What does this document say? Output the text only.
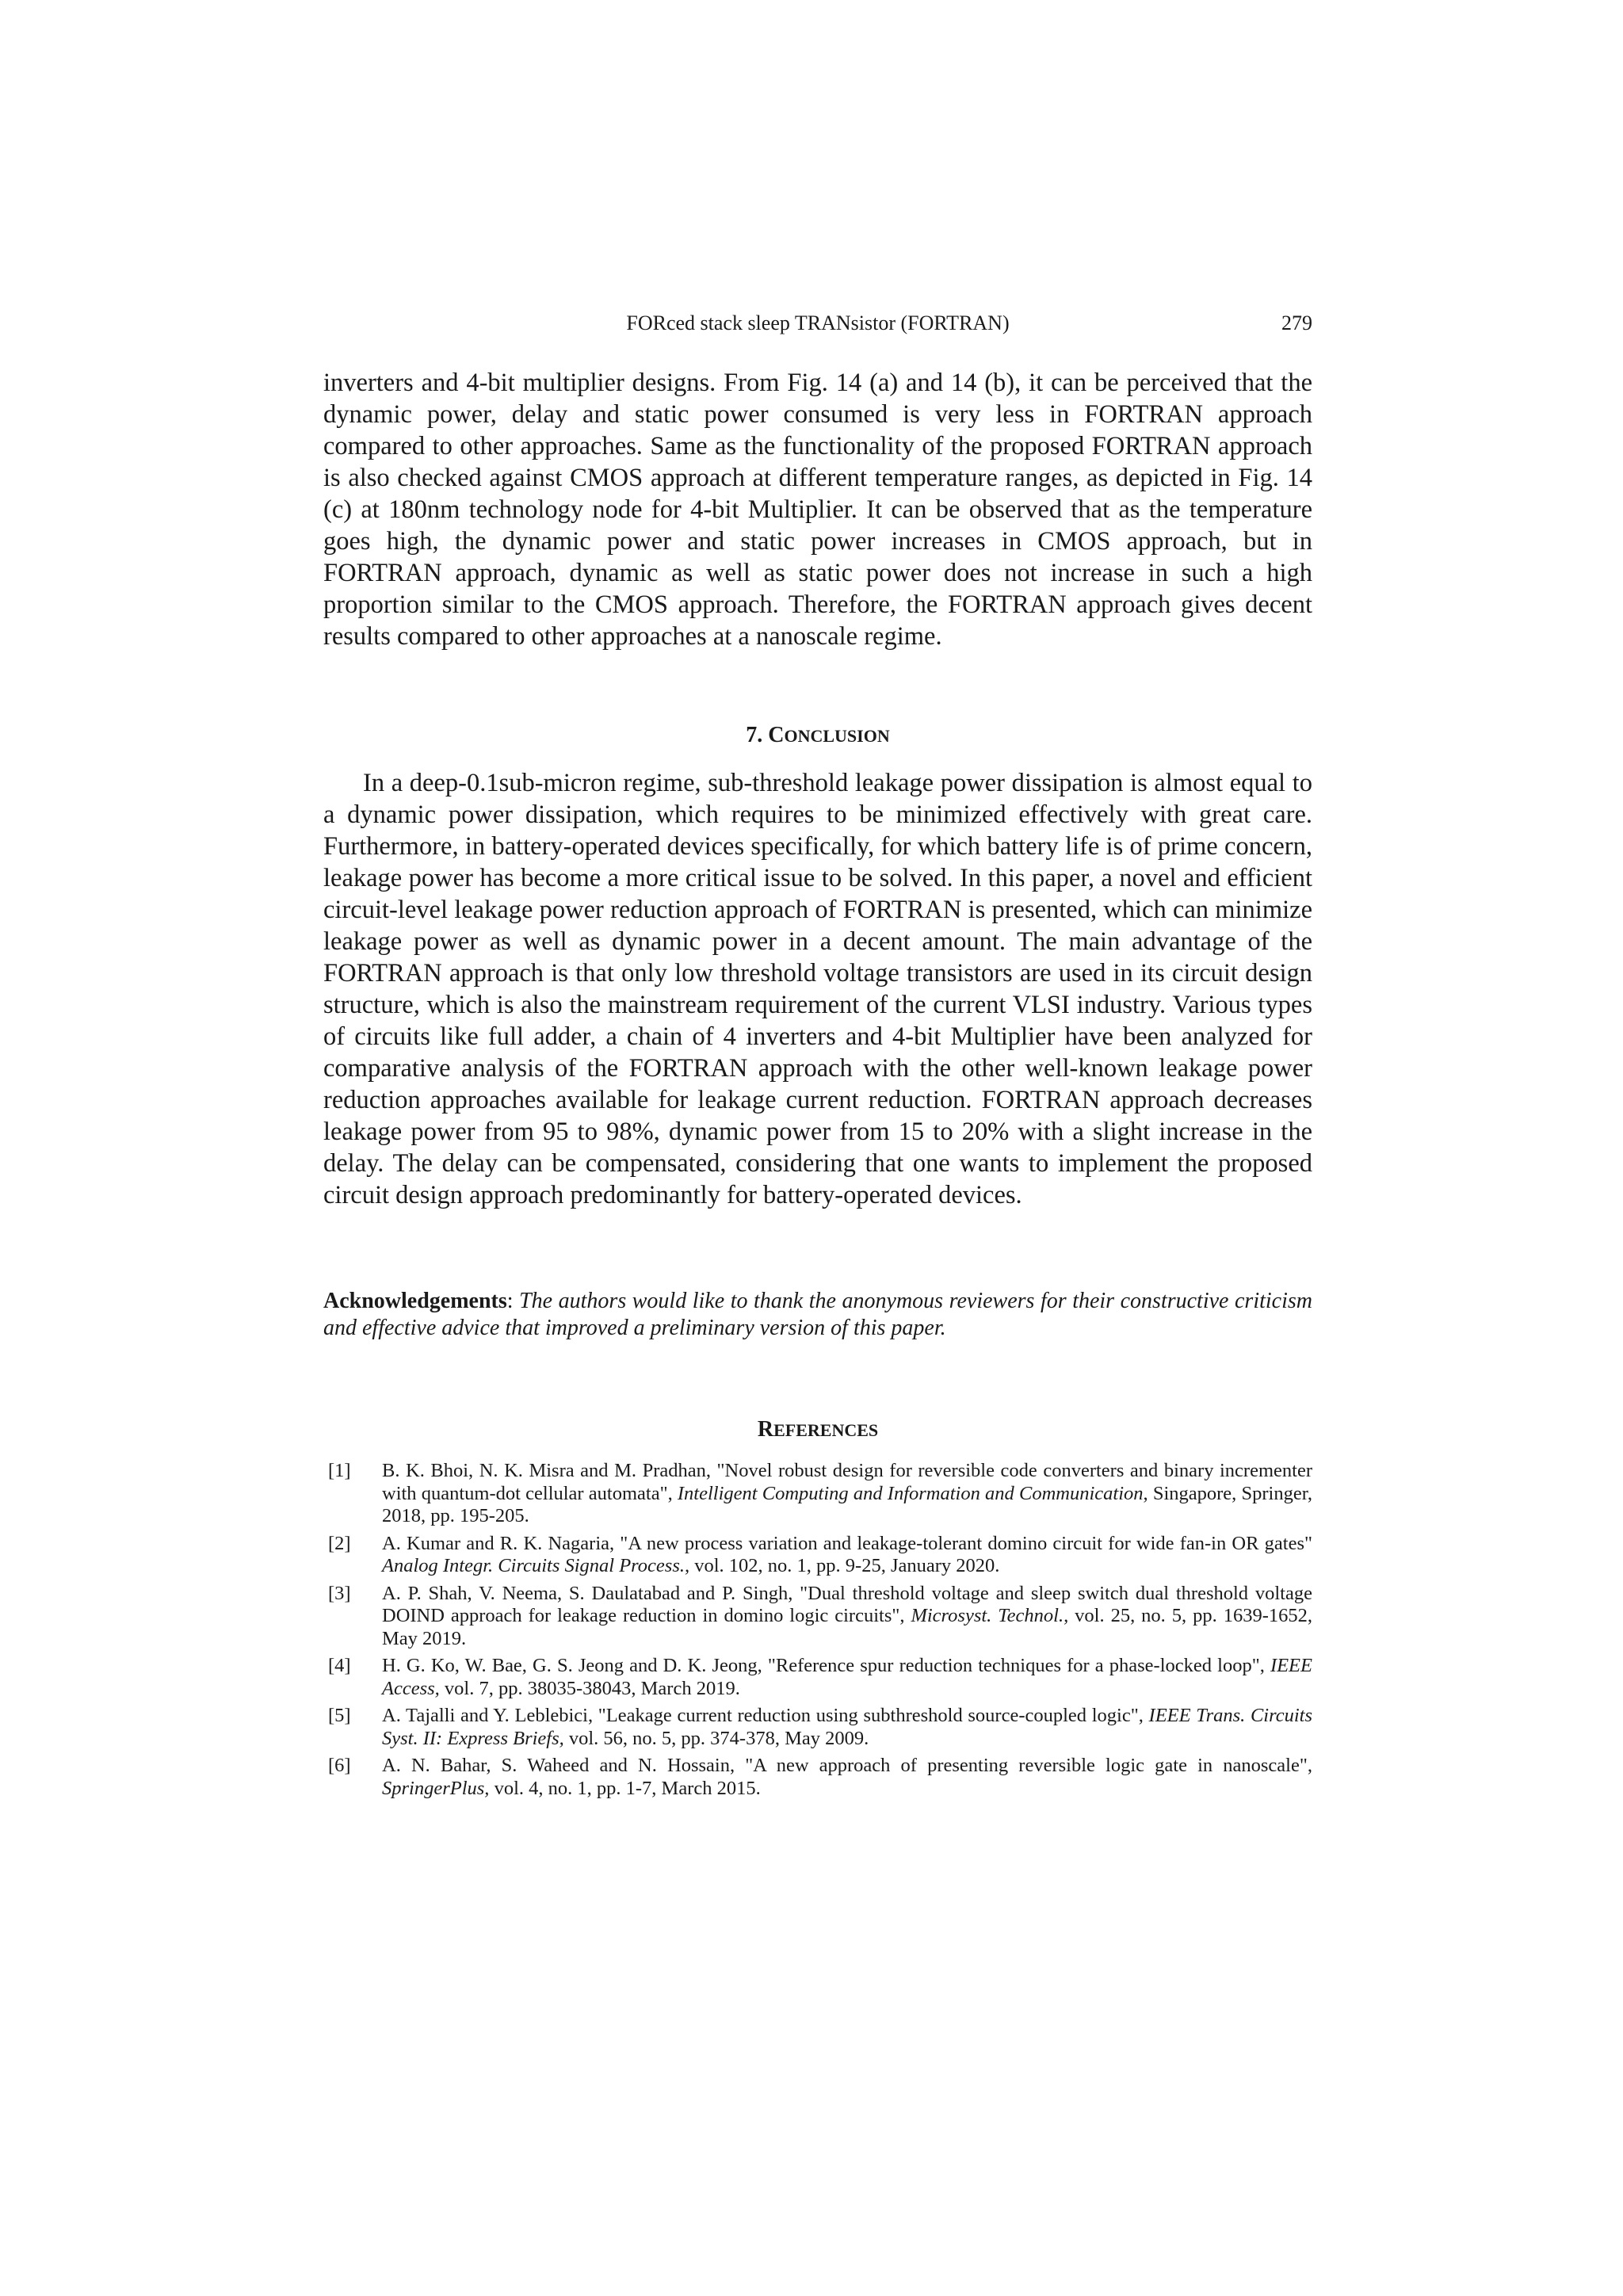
FORced stack sleep TRANsistor (FORTRAN)	279

inverters and 4-bit multiplier designs. From Fig. 14 (a) and 14 (b), it can be perceived that the dynamic power, delay and static power consumed is very less in FORTRAN approach compared to other approaches. Same as the functionality of the proposed FORTRAN approach is also checked against CMOS approach at different temperature ranges, as depicted in Fig. 14 (c) at 180nm technology node for 4-bit Multiplier. It can be observed that as the temperature goes high, the dynamic power and static power increases in CMOS approach, but in FORTRAN approach, dynamic as well as static power does not increase in such a high proportion similar to the CMOS approach. Therefore, the FORTRAN approach gives decent results compared to other approaches at a nanoscale regime.

7. CONCLUSION

In a deep-0.1sub-micron regime, sub-threshold leakage power dissipation is almost equal to a dynamic power dissipation, which requires to be minimized effectively with great care. Furthermore, in battery-operated devices specifically, for which battery life is of prime concern, leakage power has become a more critical issue to be solved. In this paper, a novel and efficient circuit-level leakage power reduction approach of FORTRAN is presented, which can minimize leakage power as well as dynamic power in a decent amount. The main advantage of the FORTRAN approach is that only low threshold voltage transistors are used in its circuit design structure, which is also the mainstream requirement of the current VLSI industry. Various types of circuits like full adder, a chain of 4 inverters and 4-bit Multiplier have been analyzed for comparative analysis of the FORTRAN approach with the other well-known leakage power reduction approaches available for leakage current reduction. FORTRAN approach decreases leakage power from 95 to 98%, dynamic power from 15 to 20% with a slight increase in the delay. The delay can be compensated, considering that one wants to implement the proposed circuit design approach predominantly for battery-operated devices.

Acknowledgements: The authors would like to thank the anonymous reviewers for their constructive criticism and effective advice that improved a preliminary version of this paper.

REFERENCES
[1] B. K. Bhoi, N. K. Misra and M. Pradhan, "Novel robust design for reversible code converters and binary incrementer with quantum-dot cellular automata", Intelligent Computing and Information and Communication, Singapore, Springer, 2018, pp. 195-205.
[2] A. Kumar and R. K. Nagaria, "A new process variation and leakage-tolerant domino circuit for wide fan-in OR gates" Analog Integr. Circuits Signal Process., vol. 102, no. 1, pp. 9-25, January 2020.
[3] A. P. Shah, V. Neema, S. Daulatabad and P. Singh, "Dual threshold voltage and sleep switch dual threshold voltage DOIND approach for leakage reduction in domino logic circuits", Microsyst. Technol., vol. 25, no. 5, pp. 1639-1652, May 2019.
[4] H. G. Ko, W. Bae, G. S. Jeong and D. K. Jeong, "Reference spur reduction techniques for a phase-locked loop", IEEE Access, vol. 7, pp. 38035-38043, March 2019.
[5] A. Tajalli and Y. Leblebici, "Leakage current reduction using subthreshold source-coupled logic", IEEE Trans. Circuits Syst. II: Express Briefs, vol. 56, no. 5, pp. 374-378, May 2009.
[6] A. N. Bahar, S. Waheed and N. Hossain, "A new approach of presenting reversible logic gate in nanoscale", SpringerPlus, vol. 4, no. 1, pp. 1-7, March 2015.
